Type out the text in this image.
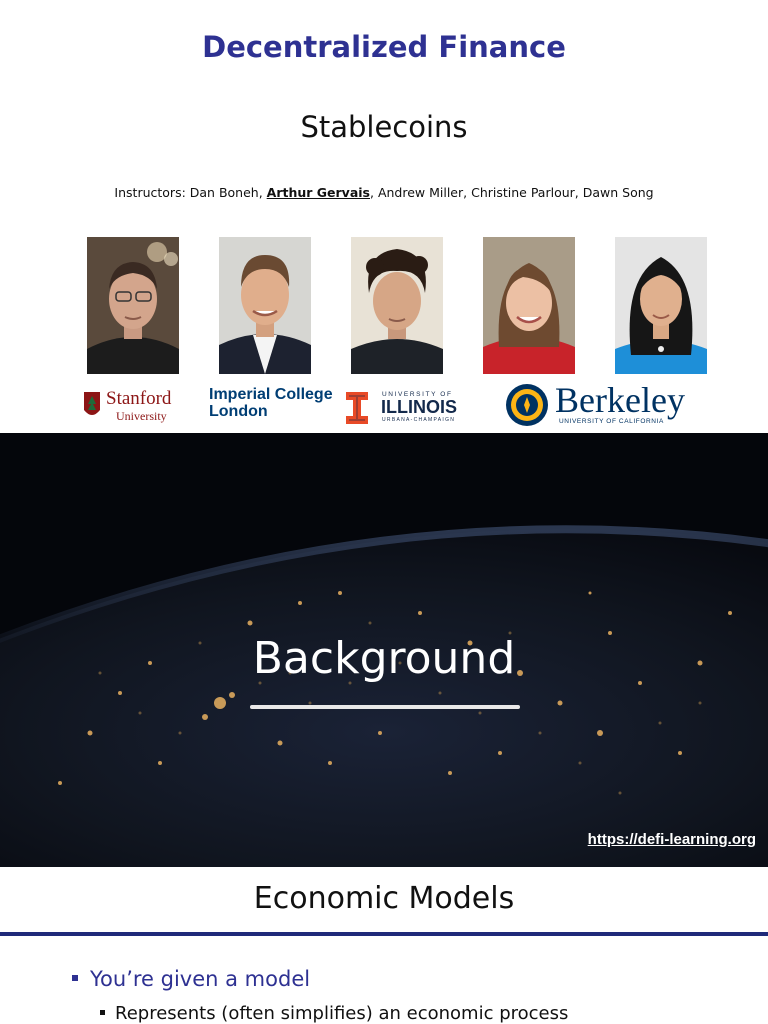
Decentralized Finance
Stablecoins
Instructors: Dan Boneh, Arthur Gervais, Andrew Miller, Christine Parlour, Dawn Song
Stanford
University
Imperial College
London
UNIVERSITY OF
ILLINOIS
URBANA-CHAMPAIGN	Berkeley
UNIVERSITY OF CALIFORNIA
Background
https://defi-learning.org
Economic Models
You’re given a model
Represents (often simplifies) an economic process
